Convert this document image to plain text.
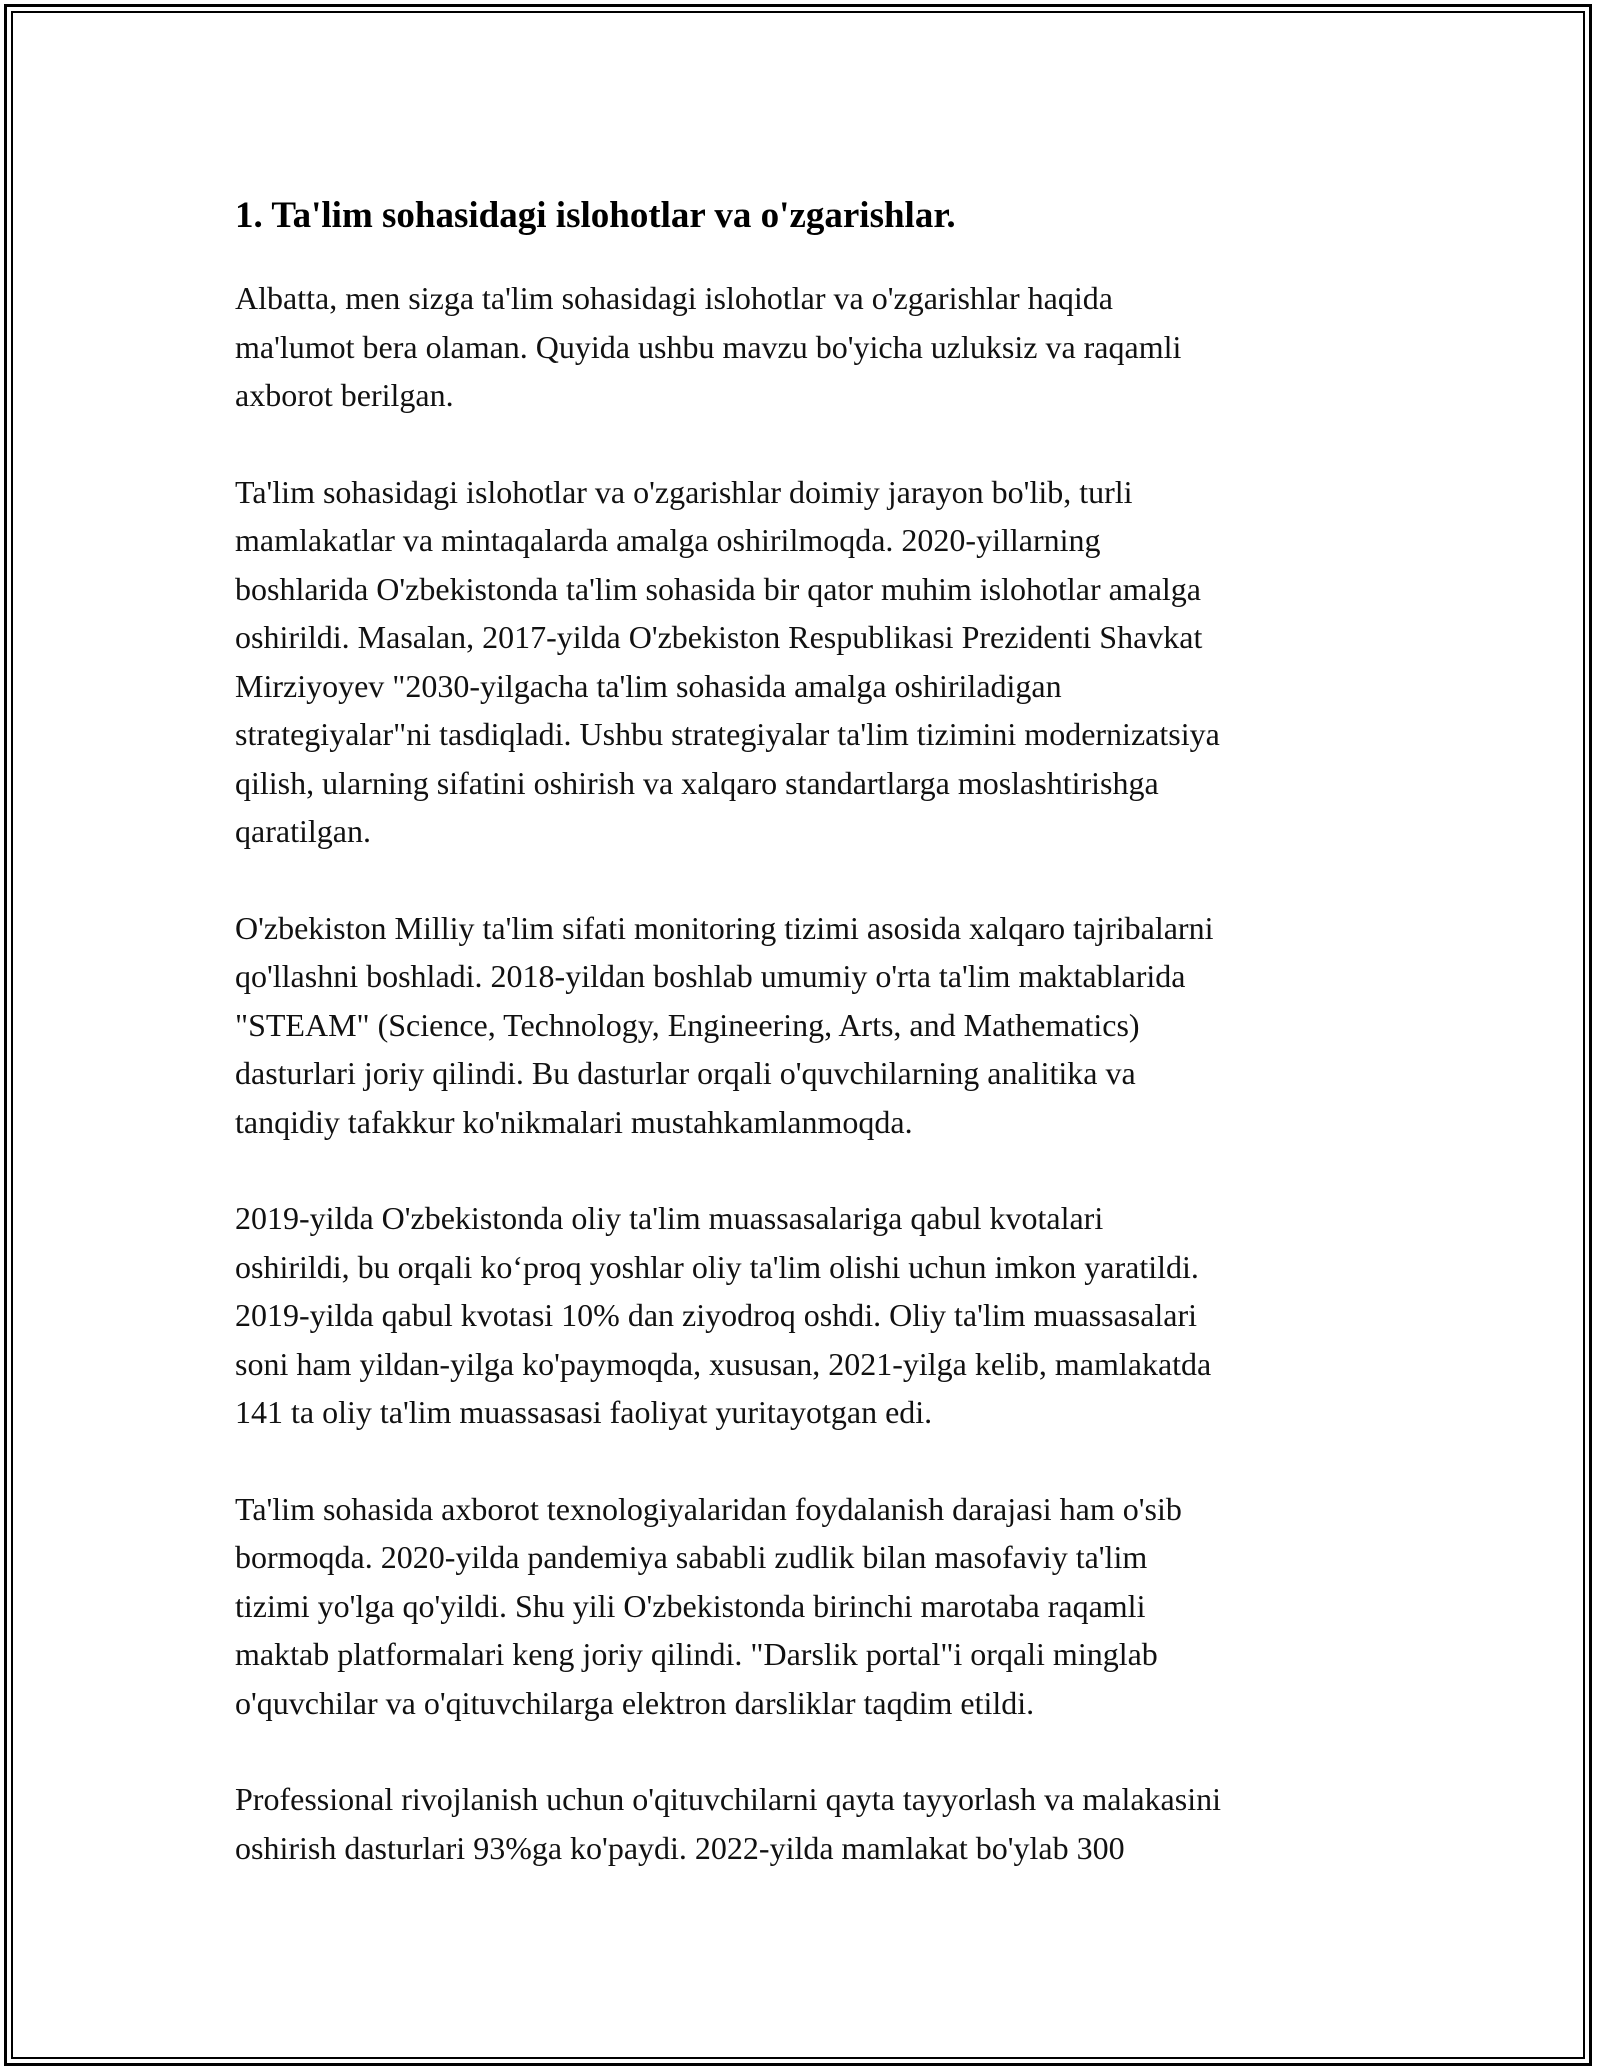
1. Ta'lim sohasidagi islohotlar va o'zgarishlar.

Albatta, men sizga ta'lim sohasidagi islohotlar va o'zgarishlar haqida
ma'lumot bera olaman. Quyida ushbu mavzu bo'yicha uzluksiz va raqamli
axborot berilgan.

Ta'lim sohasidagi islohotlar va o'zgarishlar doimiy jarayon bo'lib, turli
mamlakatlar va mintaqalarda amalga oshirilmoqda. 2020-yillarning
boshlarida O'zbekistonda ta'lim sohasida bir qator muhim islohotlar amalga
oshirildi. Masalan, 2017-yilda O'zbekiston Respublikasi Prezidenti Shavkat
Mirziyoyev "2030-yilgacha ta'lim sohasida amalga oshiriladigan
strategiyalar"ni tasdiqladi. Ushbu strategiyalar ta'lim tizimini modernizatsiya
qilish, ularning sifatini oshirish va xalqaro standartlarga moslashtirishga
qaratilgan.

O'zbekiston Milliy ta'lim sifati monitoring tizimi asosida xalqaro tajribalarni
qo'llashni boshladi. 2018-yildan boshlab umumiy o'rta ta'lim maktablarida
"STEAM" (Science, Technology, Engineering, Arts, and Mathematics)
dasturlari joriy qilindi. Bu dasturlar orqali o'quvchilarning analitika va
tanqidiy tafakkur ko'nikmalari mustahkamlanmoqda.

2019-yilda O'zbekistonda oliy ta'lim muassasalariga qabul kvotalari
oshirildi, bu orqali ko‘proq yoshlar oliy ta'lim olishi uchun imkon yaratildi.
2019-yilda qabul kvotasi 10% dan ziyodroq oshdi. Oliy ta'lim muassasalari
soni ham yildan-yilga ko'paymoqda, xususan, 2021-yilga kelib, mamlakatda
141 ta oliy ta'lim muassasasi faoliyat yuritayotgan edi.

Ta'lim sohasida axborot texnologiyalaridan foydalanish darajasi ham o'sib
bormoqda. 2020-yilda pandemiya sababli zudlik bilan masofaviy ta'lim
tizimi yo'lga qo'yildi. Shu yili O'zbekistonda birinchi marotaba raqamli
maktab platformalari keng joriy qilindi. "Darslik portal"i orqali minglab
o'quvchilar va o'qituvchilarga elektron darsliklar taqdim etildi.

Professional rivojlanish uchun o'qituvchilarni qayta tayyorlash va malakasini
oshirish dasturlari 93%ga ko'paydi. 2022-yilda mamlakat bo'ylab 300
